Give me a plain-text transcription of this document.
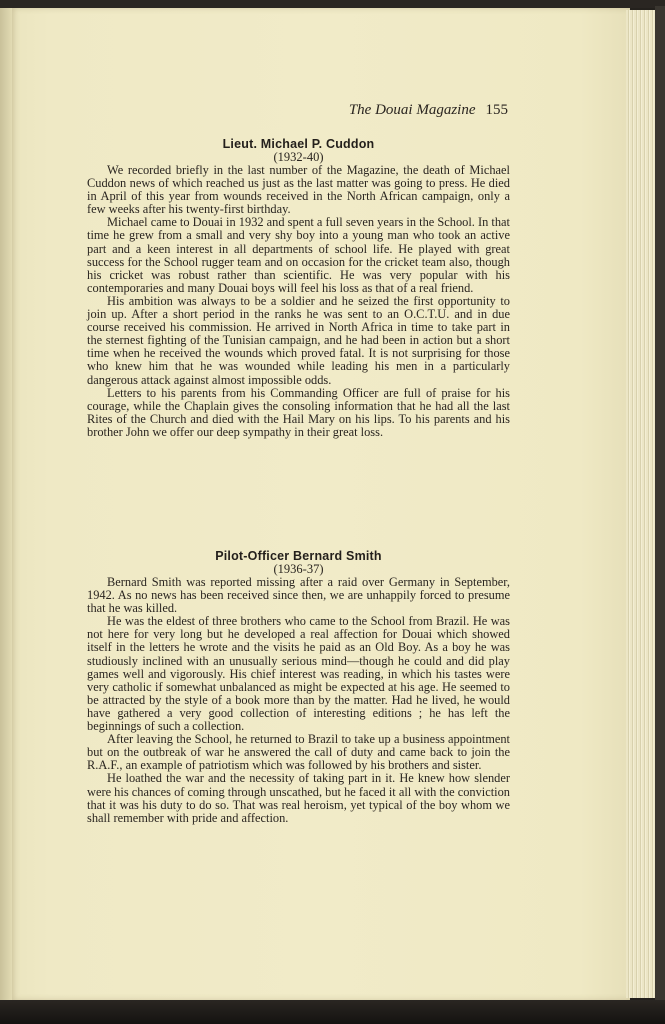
The Douai Magazine 155
Lieut. Michael P. Cuddon
(1932-40)

We recorded briefly in the last number of the Magazine, the death of Michael Cuddon news of which reached us just as the last matter was going to press. He died in April of this year from wounds received in the North African campaign, only a few weeks after his twenty-first birthday.

Michael came to Douai in 1932 and spent a full seven years in the School. In that time he grew from a small and very shy boy into a young man who took an active part and a keen interest in all departments of school life. He played with great success for the School rugger team and on occasion for the cricket team also, though his cricket was robust rather than scientific. He was very popular with his contemporaries and many Douai boys will feel his loss as that of a real friend.

His ambition was always to be a soldier and he seized the first opportunity to join up. After a short period in the ranks he was sent to an O.C.T.U. and in due course received his commission. He arrived in North Africa in time to take part in the sternest fighting of the Tunisian campaign, and he had been in action but a short time when he received the wounds which proved fatal. It is not surprising for those who knew him that he was wounded while leading his men in a particularly dangerous attack against almost impossible odds.

Letters to his parents from his Commanding Officer are full of praise for his courage, while the Chaplain gives the consoling information that he had all the last Rites of the Church and died with the Hail Mary on his lips. To his parents and his brother John we offer our deep sympathy in their great loss.

Pilot-Officer Bernard Smith
(1936-37)

Bernard Smith was reported missing after a raid over Germany in September, 1942. As no news has been received since then, we are unhappily forced to presume that he was killed.

He was the eldest of three brothers who came to the School from Brazil. He was not here for very long but he developed a real affection for Douai which showed itself in the letters he wrote and the visits he paid as an Old Boy. As a boy he was studiously inclined with an unusually serious mind—though he could and did play games well and vigorously. His chief interest was reading, in which his tastes were very catholic if somewhat unbalanced as might be expected at his age. He seemed to be attracted by the style of a book more than by the matter. Had he lived, he would have gathered a very good collection of interesting editions ; he has left the beginnings of such a collection.

After leaving the School, he returned to Brazil to take up a business appointment but on the outbreak of war he answered the call of duty and came back to join the R.A.F., an example of patriotism which was followed by his brothers and sister.

He loathed the war and the necessity of taking part in it. He knew how slender were his chances of coming through unscathed, but he faced it all with the conviction that it was his duty to do so. That was real heroism, yet typical of the boy whom we shall remember with pride and affection.
